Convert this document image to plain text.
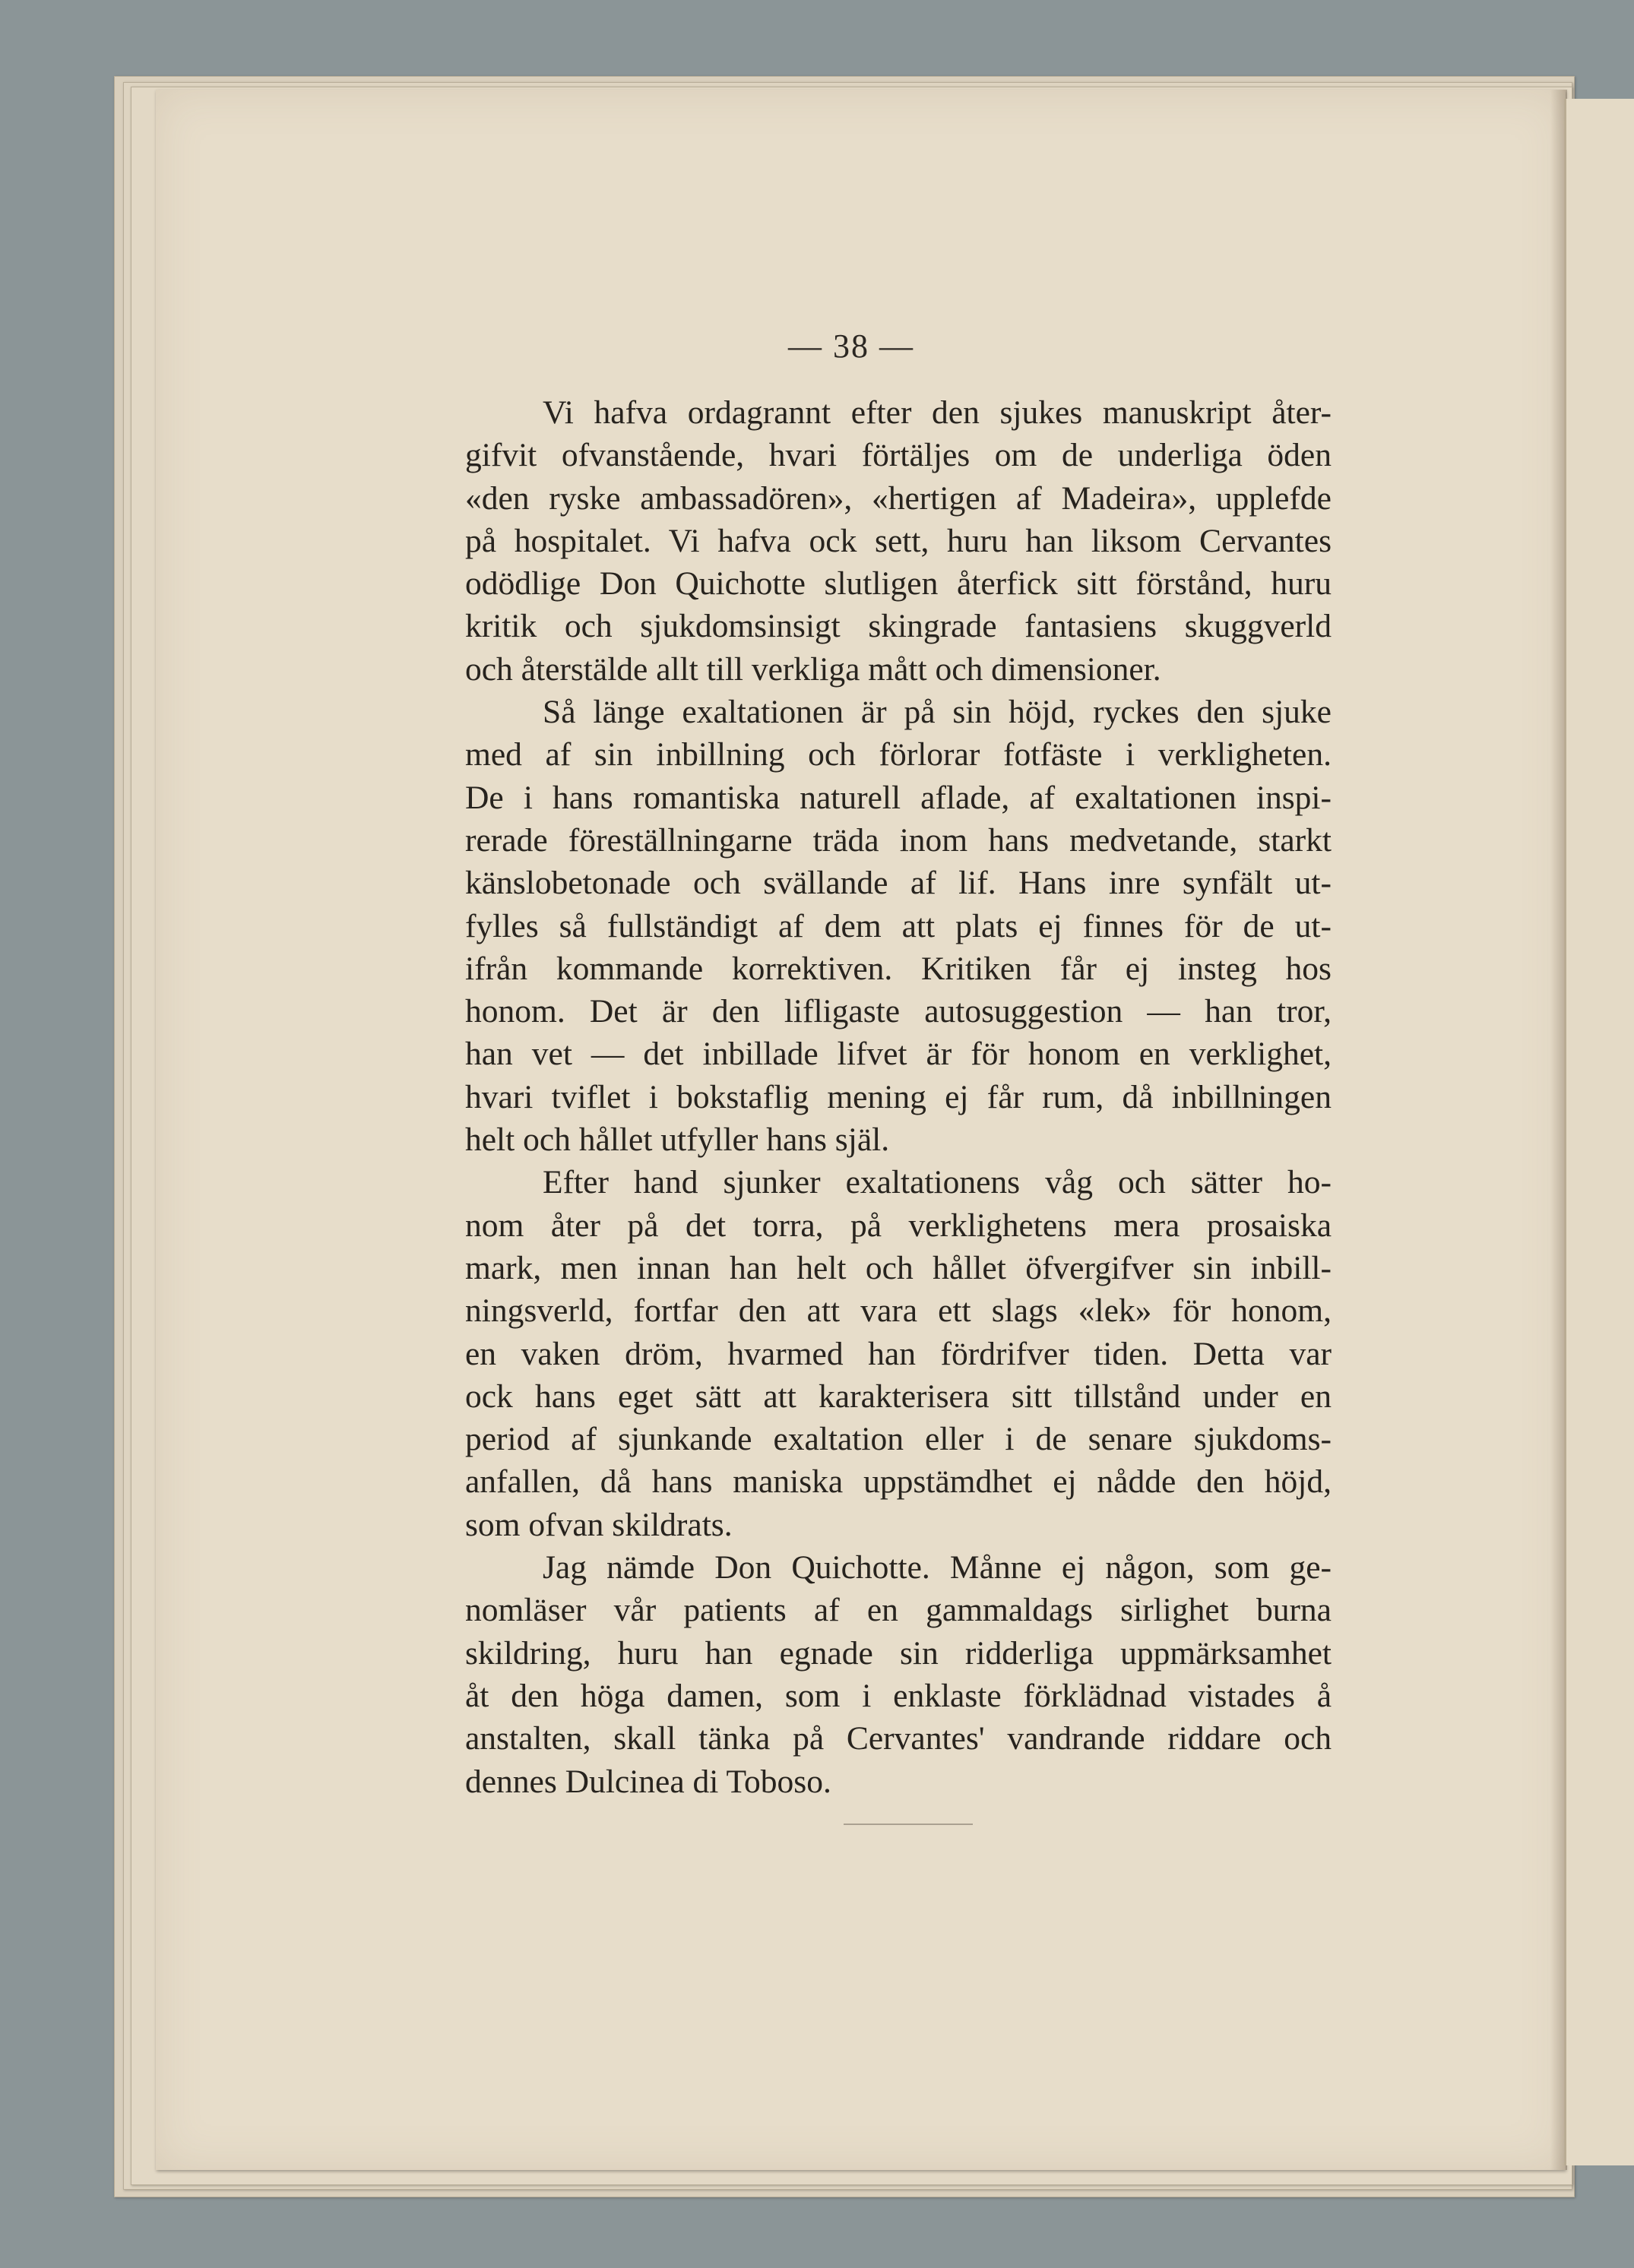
— 38 —
Vi hafva ordagrannt efter den sjukes manuskript åter-
gifvit ofvanstående, hvari förtäljes om de underliga öden
«den ryske ambassadören», «hertigen af Madeira», upplefde
på hospitalet. Vi hafva ock sett, huru han liksom Cervantes
odödlige Don Quichotte slutligen återfick sitt förstånd, huru
kritik och sjukdomsinsigt skingrade fantasiens skuggverld
och återstälde allt till verkliga mått och dimensioner.
Så länge exaltationen är på sin höjd, ryckes den sjuke
med af sin inbillning och förlorar fotfäste i verkligheten.
De i hans romantiska naturell aflade, af exaltationen inspi-
rerade föreställningarne träda inom hans medvetande, starkt
känslobetonade och svällande af lif. Hans inre synfält ut-
fylles så fullständigt af dem att plats ej finnes för de ut-
ifrån kommande korrektiven. Kritiken får ej insteg hos
honom. Det är den lifligaste autosuggestion — han tror,
han vet — det inbillade lifvet är för honom en verklighet,
hvari tviflet i bokstaflig mening ej får rum, då inbillningen
helt och hållet utfyller hans själ.
Efter hand sjunker exaltationens våg och sätter ho-
nom åter på det torra, på verklighetens mera prosaiska
mark, men innan han helt och hållet öfvergifver sin inbill-
ningsverld, fortfar den att vara ett slags «lek» för honom,
en vaken dröm, hvarmed han fördrifver tiden. Detta var
ock hans eget sätt att karakterisera sitt tillstånd under en
period af sjunkande exaltation eller i de senare sjukdoms-
anfallen, då hans maniska uppstämdhet ej nådde den höjd,
som ofvan skildrats.
Jag nämde Don Quichotte. Månne ej någon, som ge-
nomläser vår patients af en gammaldags sirlighet burna
skildring, huru han egnade sin ridderliga uppmärksamhet
åt den höga damen, som i enklaste förklädnad vistades å
anstalten, skall tänka på Cervantes' vandrande riddare och
dennes Dulcinea di Toboso.
